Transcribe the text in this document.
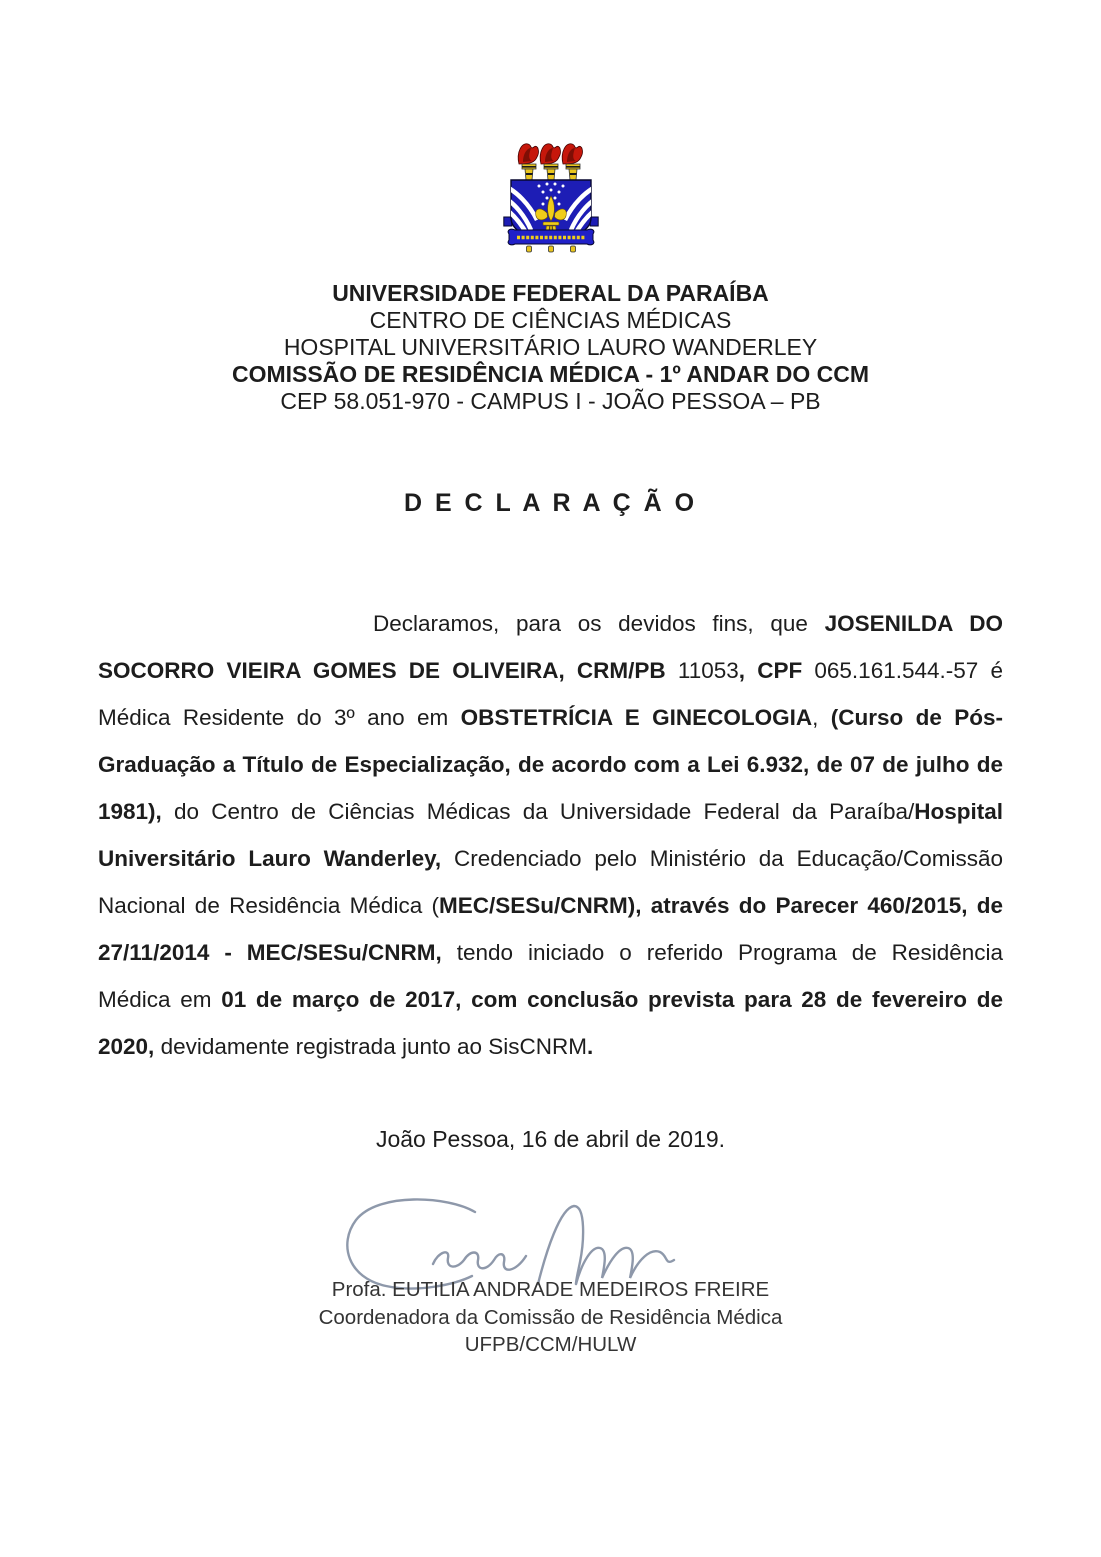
UNIVERSIDADE FEDERAL DA PARAÍBA
CENTRO DE CIÊNCIAS MÉDICAS
HOSPITAL UNIVERSITÁRIO LAURO WANDERLEY
COMISSÃO DE RESIDÊNCIA MÉDICA - 1º ANDAR DO CCM
CEP 58.051-970 - CAMPUS I - JOÃO PESSOA – PB
D E C L A R A Ç Ã O

Declaramos, para os devidos fins, que JOSENILDA DO SOCORRO VIEIRA GOMES DE OLIVEIRA, CRM/PB 11053, CPF 065.161.544.-57 é Médica Residente do 3º ano em OBSTETRÍCIA E GINECOLOGIA, (Curso de Pós-Graduação a Título de Especialização, de acordo com a Lei 6.932, de 07 de julho de 1981), do Centro de Ciências Médicas da Universidade Federal da Paraíba/Hospital Universitário Lauro Wanderley, Credenciado pelo Ministério da Educação/Comissão Nacional de Residência Médica (MEC/SESu/CNRM), através do Parecer 460/2015, de 27/11/2014 - MEC/SESu/CNRM, tendo iniciado o referido Programa de Residência Médica em 01 de março de 2017, com conclusão prevista para 28 de fevereiro de 2020, devidamente registrada junto ao SisCNRM.

João Pessoa, 16 de abril de 2019.
Profa. EUTILIA ANDRADE MEDEIROS FREIRE
Coordenadora da Comissão de Residência Médica
UFPB/CCM/HULW
